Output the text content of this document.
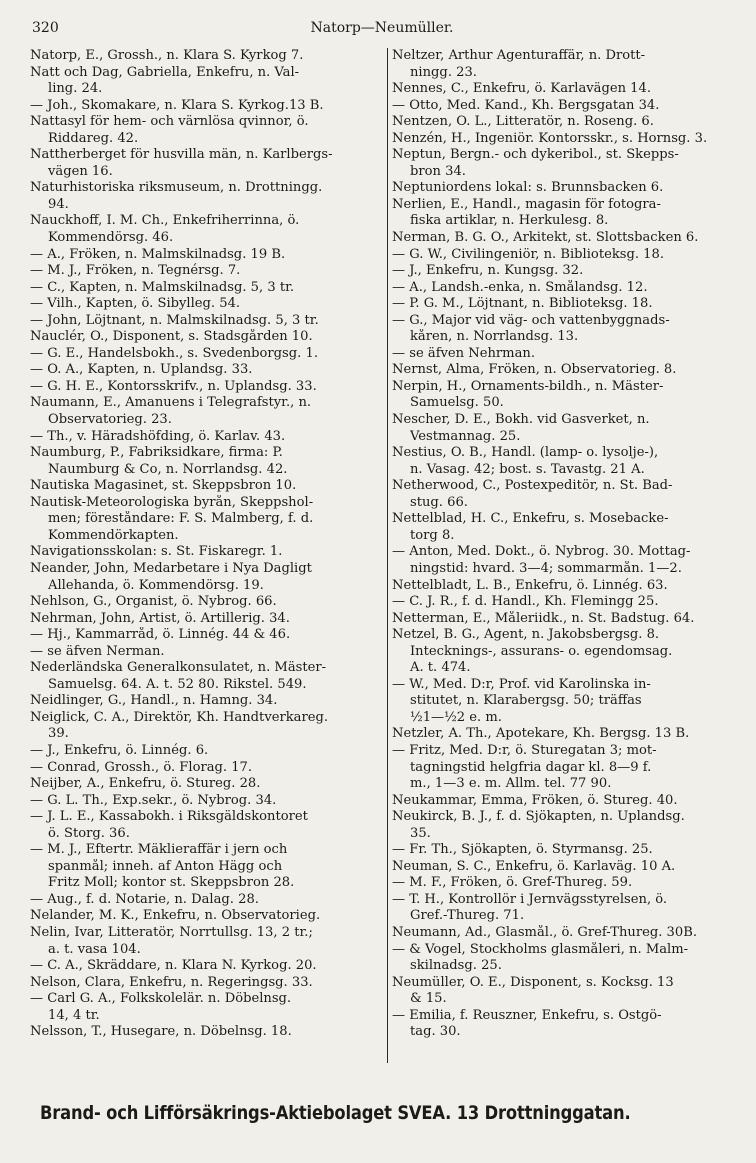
320	Natorp—Neumüller.
Natorp, E., Grossh., n. Klara S. Kyrkog 7.
Natt och Dag, Gabriella, Enkefru, n. Val-
ling. 24.
— Joh., Skomakare, n. Klara S. Kyrkog.13 B.
Nattasyl för hem- och värnlösa qvinnor, ö.
Riddareg. 42.
Nattherberget för husvilla män, n. Karlbergs-
vägen 16.
Naturhistoriska riksmuseum, n. Drottningg.
94.
Nauckhoff, I. M. Ch., Enkefriherrinna, ö.
Kommendörsg. 46.
— A., Fröken, n. Malmskilnadsg. 19 B.
— M. J., Fröken, n. Tegnérsg. 7.
— C., Kapten, n. Malmskilnadsg. 5, 3 tr.
— Vilh., Kapten, ö. Sibylleg. 54.
— John, Löjtnant, n. Malmskilnadsg. 5, 3 tr.
Nauclér, O., Disponent, s. Stadsgården 10.
— G. E., Handelsbokh., s. Svedenborgsg. 1.
— O. A., Kapten, n. Uplandsg. 33.
— G. H. E., Kontorsskrifv., n. Uplandsg. 33.
Naumann, E., Amanuens i Telegrafstyr., n.
Observatorieg. 23.
— Th., v. Häradshöfding, ö. Karlav. 43.
Naumburg, P., Fabriksidkare, firma: P.
Naumburg & Co, n. Norrlandsg. 42.
Nautiska Magasinet, st. Skeppsbron 10.
Nautisk-Meteorologiska byrån, Skeppshol-
men; föreståndare: F. S. Malmberg, f. d.
Kommendörkapten.
Navigationsskolan: s. St. Fiskaregr. 1.
Neander, John, Medarbetare i Nya Dagligt
Allehanda, ö. Kommendörsg. 19.
Nehlson, G., Organist, ö. Nybrog. 66.
Nehrman, John, Artist, ö. Artillerig. 34.
— Hj., Kammarråd, ö. Linnég. 44 & 46.
— se äfven Nerman.
Nederländska Generalkonsulatet, n. Mäster-
Samuelsg. 64. A. t. 52 80. Rikstel. 549.
Neidlinger, G., Handl., n. Hamng. 34.
Neiglick, C. A., Direktör, Kh. Handtverkareg.
39.
— J., Enkefru, ö. Linnég. 6.
— Conrad, Grossh., ö. Florag. 17.
Neijber, A., Enkefru, ö. Stureg. 28.
— G. L. Th., Exp.sekr., ö. Nybrog. 34.
— J. L. E., Kassabokh. i Riksgäldskontoret
ö. Storg. 36.
— M. J., Eftertr. Mäklieraffär i jern och
spanmål; inneh. af Anton Hägg och
Fritz Moll; kontor st. Skeppsbron 28.
— Aug., f. d. Notarie, n. Dalag. 28.
Nelander, M. K., Enkefru, n. Observatorieg.
Nelin, Ivar, Litteratör, Norrtullsg. 13, 2 tr.;
a. t. vasa 104.
— C. A., Skräddare, n. Klara N. Kyrkog. 20.
Nelson, Clara, Enkefru, n. Regeringsg. 33.
— Carl G. A., Folkskolelär. n. Döbelnsg.
14, 4 tr.
Nelsson, T., Husegare, n. Döbelnsg. 18.
Neltzer, Arthur Agenturaffär, n. Drott-
ningg. 23.
Nennes, C., Enkefru, ö. Karlavägen 14.
— Otto, Med. Kand., Kh. Bergsgatan 34.
Nentzen, O. L., Litteratör, n. Roseng. 6.
Nenzén, H., Ingeniör. Kontorsskr., s. Hornsg. 3.
Neptun, Bergn.- och dykeribol., st. Skepps-
bron 34.
Neptuniordens lokal: s. Brunnsbacken 6.
Nerlien, E., Handl., magasin för fotogra-
fiska artiklar, n. Herkulesg. 8.
Nerman, B. G. O., Arkitekt, st. Slottsbacken 6.
— G. W., Civilingeniör, n. Biblioteksg. 18.
— J., Enkefru, n. Kungsg. 32.
— A., Landsh.-enka, n. Smålandsg. 12.
— P. G. M., Löjtnant, n. Biblioteksg. 18.
— G., Major vid väg- och vattenbyggnads-
kåren, n. Norrlandsg. 13.
— se äfven Nehrman.
Nernst, Alma, Fröken, n. Observatorieg. 8.
Nerpin, H., Ornaments-bildh., n. Mäster-
Samuelsg. 50.
Nescher, D. E., Bokh. vid Gasverket, n.
Vestmannag. 25.
Nestius, O. B., Handl. (lamp- o. lysolje-),
n. Vasag. 42; bost. s. Tavastg. 21 A.
Netherwood, C., Postexpeditör, n. St. Bad-
stug. 66.
Nettelblad, H. C., Enkefru, s. Mosebacke-
torg 8.
— Anton, Med. Dokt., ö. Nybrog. 30. Mottag-
ningstid: hvard. 3—4; sommarmån. 1—2.
Nettelbladt, L. B., Enkefru, ö. Linnég. 63.
— C. J. R., f. d. Handl., Kh. Flemingg 25.
Netterman, E., Måleriidk., n. St. Badstug. 64.
Netzel, B. G., Agent, n. Jakobsbergsg. 8.
Intecknings-, assurans- o. egendomsag.
A. t. 474.
— W., Med. D:r, Prof. vid Karolinska in-
stitutet, n. Klarabergsg. 50; träffas
½1—½2 e. m.
Netzler, A. Th., Apotekare, Kh. Bergsg. 13 B.
— Fritz, Med. D:r, ö. Sturegatan 3; mot-
tagningstid helgfria dagar kl. 8—9 f.
m., 1—3 e. m. Allm. tel. 77 90.
Neukammar, Emma, Fröken, ö. Stureg. 40.
Neukirck, B. J., f. d. Sjökapten, n. Uplandsg.
35.
— Fr. Th., Sjökapten, ö. Styrmansg. 25.
Neuman, S. C., Enkefru, ö. Karlaväg. 10 A.
— M. F., Fröken, ö. Gref-Thureg. 59.
— T. H., Kontrollör i Jernvägsstyrelsen, ö.
Gref.-Thureg. 71.
Neumann, Ad., Glasmål., ö. Gref-Thureg. 30B.
— & Vogel, Stockholms glasmåleri, n. Malm-
skilnadsg. 25.
Neumüller, O. E., Disponent, s. Kocksg. 13
& 15.
— Emilia, f. Reuszner, Enkefru, s. Östgö-
tag. 30.
Brand- och Lifförsäkrings-Aktiebolaget SVEA. 13 Drottninggatan.
